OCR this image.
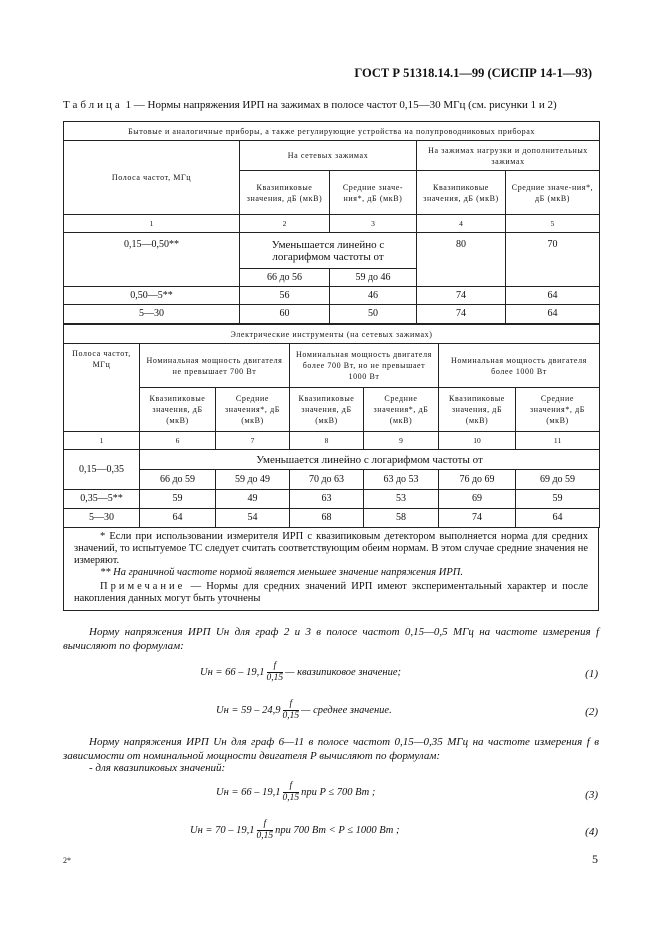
ГОСТ Р 51318.14.1—99 (СИСПР 14-1—93)
Таблица 1 — Нормы напряжения ИРП на зажимах в полосе частот 0,15—30 МГц (см. рисунки 1 и 2)
Бытовые и аналогичные приборы, а также регулирующие устройства на полупроводниковых приборах				
Полоса частот, МГц	На сетевых зажимах		На зажимах нагрузки и дополнительных зажимах	
	Квазипиковые значения, дБ (мкВ)	Средние значе-ния*, дБ (мкВ)	Квазипиковые значения, дБ (мкВ)	Средние значе-ния*, дБ (мкВ)
1	2	3	4	5
0,15—0,50**	Уменьшается линейно с логарифмом частоты от		80	70
	66 до 56	59 до 46		
0,50—5**	56	46	74	64
5—30	60	50	74	64
Электрические инструменты (на сетевых зажимах)						
Полоса частот, МГц	Номинальная мощность двигателя не превышает 700 Вт		Номинальная мощность двигателя более 700 Вт, но не превышает 1000 Вт		Номинальная мощность двигателя более 1000 Вт	
	Квазипиковые значения, дБ (мкВ)	Средние значения*, дБ (мкВ)	Квазипиковые значения, дБ (мкВ)	Средние значения*, дБ (мкВ)	Квазипиковые значения, дБ (мкВ)	Средние значения*, дБ (мкВ)
1	6	7	8	9	10	11
0,15—0,35	Уменьшается линейно с логарифмом частоты от					
	66 до 59	59 до 49	70 до 63	63 до 53	76 до 69	69 до 59
0,35—5**	59	49	63	53	69	59
5—30	64	54	68	58	74	64

* Если при использовании измерителя ИРП с квазипиковым детектором выполняется норма для средних значений, то испытуемое ТС следует считать соответствующим обеим нормам. В этом случае средние значения не измеряют.

** На граничной частоте нормой является меньшее значение напряжения ИРП.

Примечание — Нормы для средних значений ИРП имеют экспериментальный характер и после накопления данных могут быть уточнены

Норму напряжения ИРП Uн для граф 2 и 3 в полосе частот 0,15—0,5 МГц на частоте измерения f вычисляют по формулам:
Uн = $66 - 19,1 \frac{f}{0,15}$ — квазипиковое значение;	(1)
Uн = $59 - 24,9 \frac{f}{0,15}$ — среднее значение.	(2)
Норму напряжения ИРП Uн для граф 6—11 в полосе частот 0,15—0,35 МГц на частоте измерения f в зависимости от номинальной мощности двигателя P вычисляют по формулам:
- для квазипиковых значений:
Uн = $66 - 19,1 \frac{f}{0,15}$ при P ≤ 700 Вт ;	(3)
Uн = $70 - 19,1 \frac{f}{0,15}$ при 700 Вт < P ≤ 1000 Вт ;	(4)
2*	5
